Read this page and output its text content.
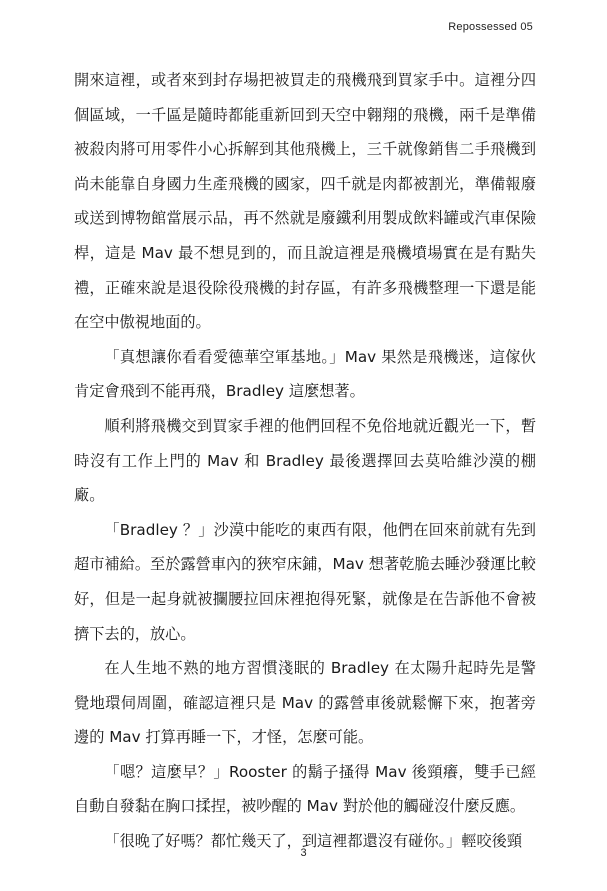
Repossessed 05

開來這裡，或者來到封存場把被買走的飛機飛到買家手中。這裡分四個區域，一千區是隨時都能重新回到天空中翱翔的飛機，兩千是準備被殺肉將可用零件小心拆解到其他飛機上，三千就像銷售二手飛機到尚未能靠自身國力生產飛機的國家，四千就是肉都被割光，準備報廢或送到博物館當展示品，再不然就是廢鐵利用製成飲料罐或汽車保險桿，這是 Mav 最不想見到的，而且說這裡是飛機墳場實在是有點失禮，正確來說是退役除役飛機的封存區，有許多飛機整理一下還是能在空中傲視地面的。

「真想讓你看看愛德華空軍基地。」Mav 果然是飛機迷，這傢伙肯定會飛到不能再飛，Bradley 這麼想著。

順利將飛機交到買家手裡的他們回程不免俗地就近觀光一下，暫時沒有工作上門的 Mav 和 Bradley 最後選擇回去莫哈維沙漠的棚廠。

「Bradley ？」沙漠中能吃的東西有限，他們在回來前就有先到超市補給。至於露營車內的狹窄床鋪，Mav 想著乾脆去睡沙發運比較好，但是一起身就被攔腰拉回床裡抱得死緊，就像是在告訴他不會被擠下去的，放心。

在人生地不熟的地方習慣淺眠的 Bradley 在太陽升起時先是警覺地環伺周圍，確認這裡只是 Mav 的露營車後就鬆懈下來，抱著旁邊的 Mav 打算再睡一下，才怪，怎麼可能。

「嗯？這麼早？」Rooster 的鬍子搔得 Mav 後頸癢，雙手已經自動自發黏在胸口揉捏，被吵醒的 Mav 對於他的觸碰沒什麼反應。

「很晚了好嗎？都忙幾天了，到這裡都還沒有碰你。」輕咬後頸

3
